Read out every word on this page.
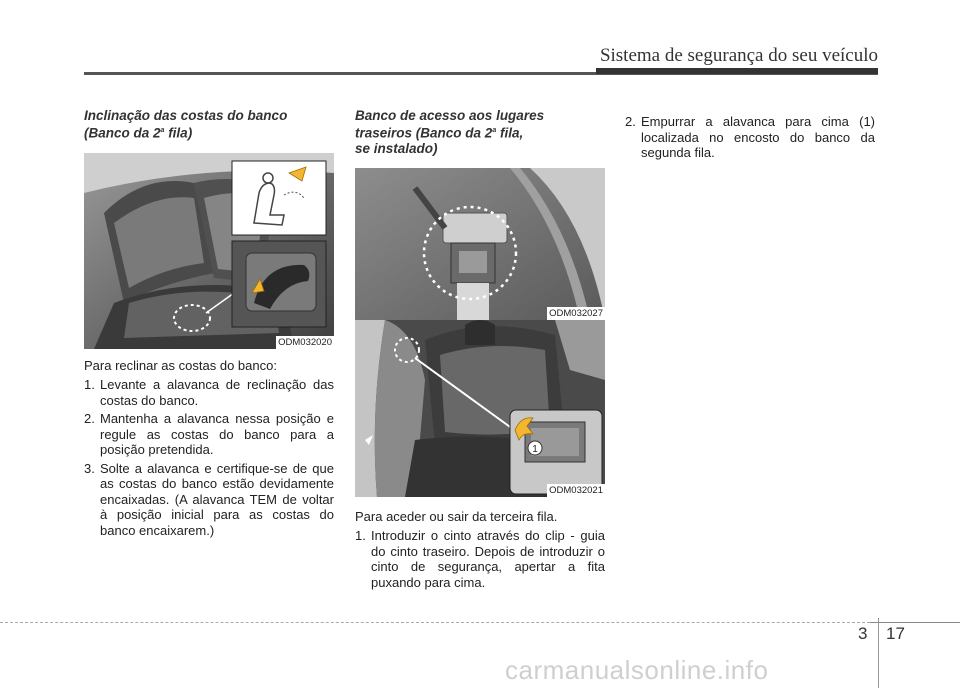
Sistema de segurança do seu veículo
Inclinação das costas do banco
(Banco da 2$^a$ fila)
ODM032020

Para reclinar as costas do banco:

1. Levante a alavanca de reclinação das costas do banco.
2. Mantenha a alavanca nessa posição e regule as costas do banco para a posição pretendida.
3. Solte a alavanca e certifique-se de que as costas do banco estão devidamente encaixadas. (A alavanca TEM de voltar à posição inicial para as costas do banco encaixarem.)
Banco de acesso aos lugares
traseiros (Banco da 2$^a$ fila,
se instalado)
ODM032027
1
ODM032021

Para aceder ou sair da terceira fila.

1. Introduzir o cinto através do clip - guia do cinto traseiro. Depois de introduzir o cinto de segurança, apertar a fita puxando para cima.
2. Empurrar a alavanca para cima (1) localizada no encosto do banco da segunda fila.
3 17
carmanualsonline.info
